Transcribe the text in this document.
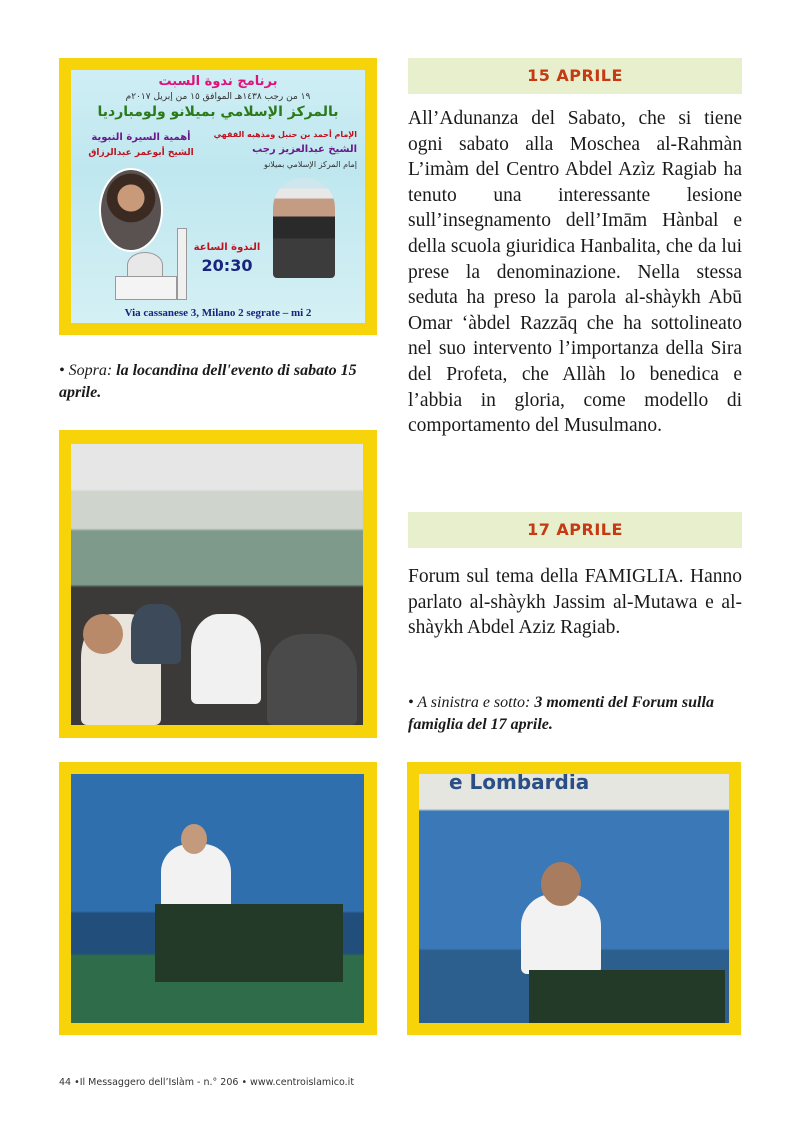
برنامج ندوة السبت
١٩ من رجب ١٤٣٨هـ الموافق ١٥ من إبريل ٢٠١٧م
بالمركز الإسلامي بميلانو ولومبارديا
الإمام أحمد بن حنبل ومذهبه الفقهي
الشيخ عبدالعزيز رجب
إمام المركز الإسلامي بميلانو
أهمية السيرة النبوية
الشيخ أبوعمر عبدالرزاق
الندوة الساعة
20:30
Via cassanese 3, Milano 2 segrate – mi 2
• Sopra: la locandina dell'evento di sabato 15 aprile.
e Lombardia
15 APRILE

All’Adunanza del Sabato, che si tiene ogni sabato alla Moschea al-Rahmàn L’imàm del Centro Abdel Azìz Ragiab ha tenuto una interessante lesione sull’insegnamento dell’Imām Hànbal e della scuola giuridica Hanbalita, che da lui prese la denominazione. Nella stessa seduta ha preso la parola al-shàykh Abū Omar ‘àbdel Razzāq che ha sottolineato nel suo intervento l’importanza della Sira del Profeta, che Allàh lo benedica e l’abbia in gloria, come modello di comportamento del Musulmano.

17 APRILE

Forum sul tema della FAMIGLIA. Hanno parlato al-shàykh Jassim al-Mutawa e al-shàykh Abdel Aziz Ragiab.

• A sinistra e sotto: 3 momenti del Forum sulla famiglia del 17 aprile.
44 •Il Messaggero dell’Islàm - n.° 206 • www.centroislamico.it
